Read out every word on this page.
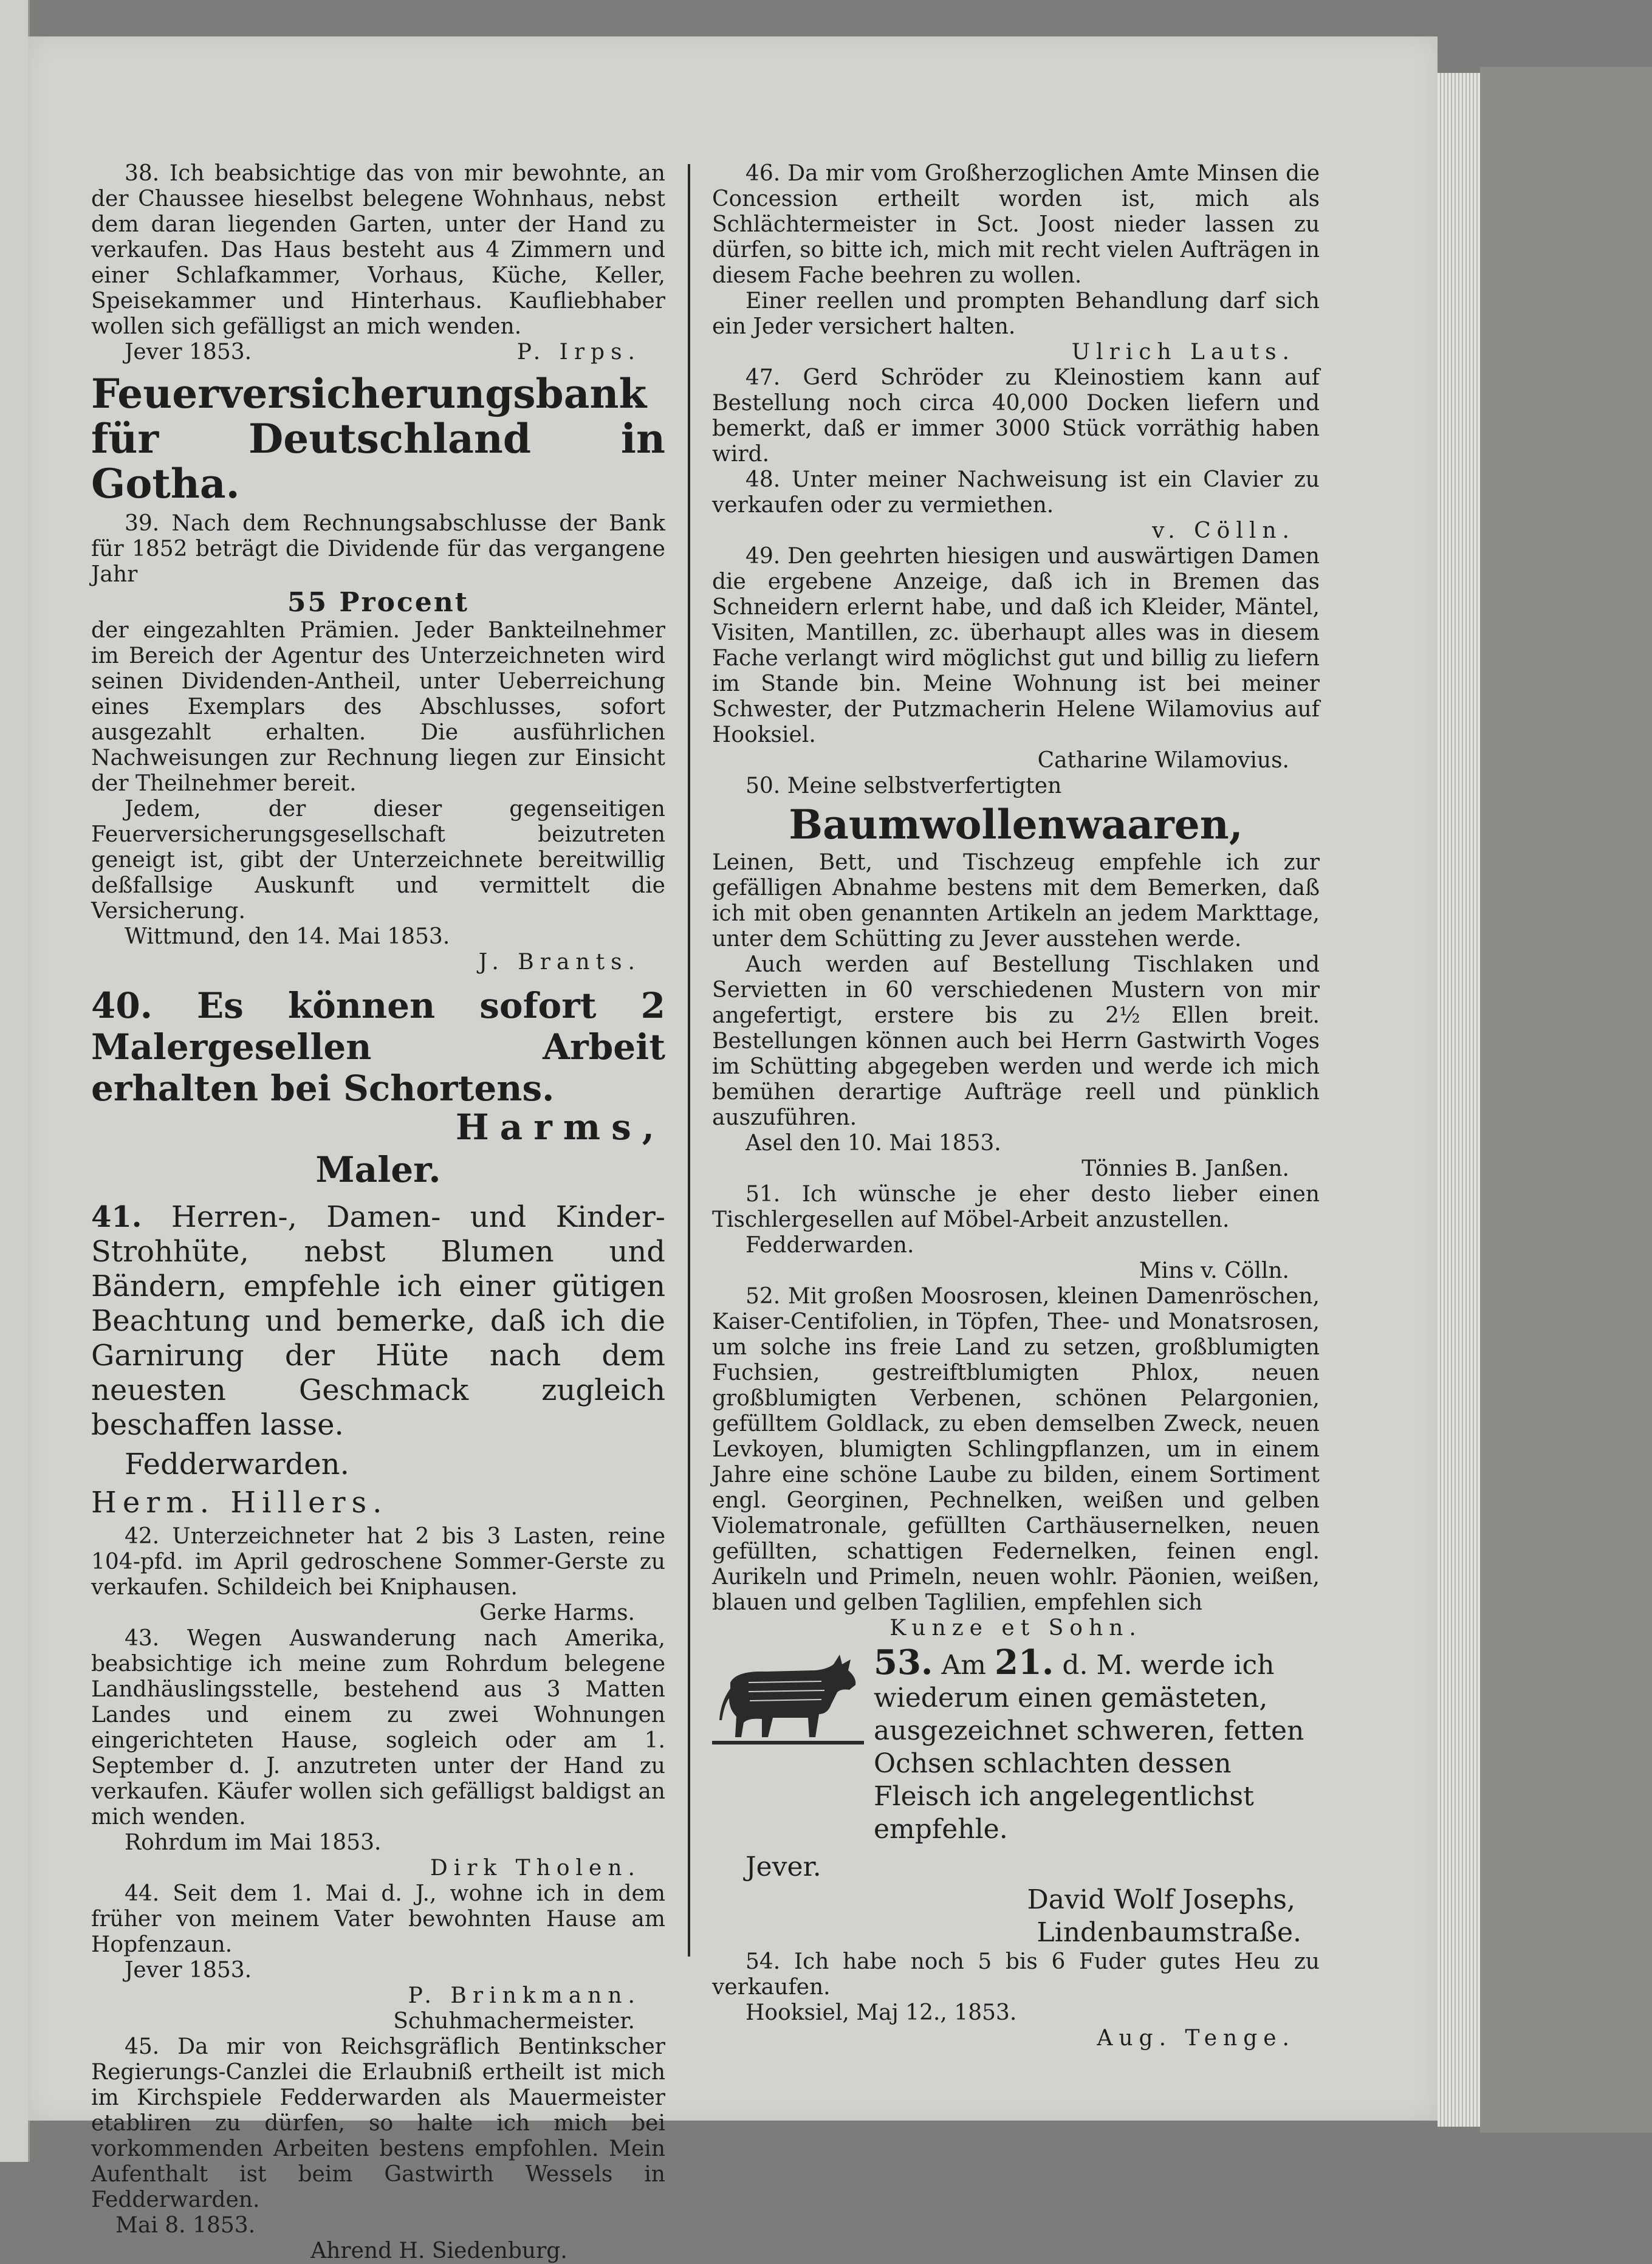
38. Ich beabsichtige das von mir bewohnte, an der Chaussee hieselbst belegene Wohnhaus, nebst dem daran liegenden Garten, unter der Hand zu verkaufen. Das Haus besteht aus 4 Zimmern und einer Schlafkammer, Vorhaus, Küche, Keller, Speisekammer und Hinterhaus. Kaufliebhaber wollen sich gefälligst an mich wenden.

Jever 1853.	P. Irps.
Feuerversicherungsbank für Deutschland in Gotha.

39. Nach dem Rechnungsabschlusse der Bank für 1852 beträgt die Dividende für das vergangene Jahr

55 Procent

der eingezahlten Prämien. Jeder Bankteilnehmer im Bereich der Agentur des Unterzeichneten wird seinen Dividenden-Antheil, unter Ueberreichung eines Exemplars des Abschlusses, sofort ausgezahlt erhalten. Die ausführlichen Nachweisungen zur Rechnung liegen zur Einsicht der Theilnehmer bereit.

Jedem, der dieser gegenseitigen Feuerversicherungsgesellschaft beizutreten geneigt ist, gibt der Unterzeichnete bereitwillig deßfallsige Auskunft und vermittelt die Versicherung.

Wittmund, den 14. Mai 1853.

J. Brants.

40. Es können sofort 2 Malergesellen Arbeit erhalten bei Schortens.
Harms,
Maler.

41. Herren-, Damen- und Kinder-Strohhüte, nebst Blumen und Bändern, empfehle ich einer gütigen Beachtung und bemerke, daß ich die Garnirung der Hüte nach dem neuesten Geschmack zugleich beschaffen lasse.

Fedderwarden.

Herm. Hillers.

42. Unterzeichneter hat 2 bis 3 Lasten, reine 104-pfd. im April gedroschene Sommer-Gerste zu verkaufen. Schildeich bei Kniphausen.

Gerke Harms.

43. Wegen Auswanderung nach Amerika, beabsichtige ich meine zum Rohrdum belegene Landhäuslingsstelle, bestehend aus 3 Matten Landes und einem zu zwei Wohnungen eingerichteten Hause, sogleich oder am 1. September d. J. anzutreten unter der Hand zu verkaufen. Käufer wollen sich gefälligst baldigst an mich wenden.

Rohrdum im Mai 1853.

Dirk Tholen.

44. Seit dem 1. Mai d. J., wohne ich in dem früher von meinem Vater bewohnten Hause am Hopfenzaun.

Jever 1853.

P. Brinkmann.

Schuhmachermeister.

45. Da mir von Reichsgräflich Bentinkscher Regierungs-Canzlei die Erlaubniß ertheilt ist mich im Kirchspiele Fedderwarden als Mauermeister etabliren zu dürfen, so halte ich mich bei vorkommenden Arbeiten bestens empfohlen. Mein Aufenthalt ist beim Gastwirth Wessels in Fedderwarden.

Mai 8. 1853.

Ahrend H. Siedenburg.

46. Da mir vom Großherzoglichen Amte Minsen die Concession ertheilt worden ist, mich als Schlächtermeister in Sct. Joost nieder lassen zu dürfen, so bitte ich, mich mit recht vielen Aufträgen in diesem Fache beehren zu wollen.

Einer reellen und prompten Behandlung darf sich ein Jeder versichert halten.

Ulrich Lauts.

47. Gerd Schröder zu Kleinostiem kann auf Bestellung noch circa 40,000 Docken liefern und bemerkt, daß er immer 3000 Stück vorräthig haben wird.

48. Unter meiner Nachweisung ist ein Clavier zu verkaufen oder zu vermiethen.

v. Cölln.

49. Den geehrten hiesigen und auswärtigen Damen die ergebene Anzeige, daß ich in Bremen das Schneidern erlernt habe, und daß ich Kleider, Mäntel, Visiten, Mantillen, zc. überhaupt alles was in diesem Fache verlangt wird möglichst gut und billig zu liefern im Stande bin. Meine Wohnung ist bei meiner Schwester, der Putzmacherin Helene Wilamovius auf Hooksiel.

Catharine Wilamovius.

50. Meine selbstverfertigten

Baumwollenwaaren,

Leinen, Bett, und Tischzeug empfehle ich zur gefälligen Abnahme bestens mit dem Bemerken, daß ich mit oben genannten Artikeln an jedem Markttage, unter dem Schütting zu Jever ausstehen werde.

Auch werden auf Bestellung Tischlaken und Servietten in 60 verschiedenen Mustern von mir angefertigt, erstere bis zu 2½ Ellen breit. Bestellungen können auch bei Herrn Gastwirth Voges im Schütting abgegeben werden und werde ich mich bemühen derartige Aufträge reell und pünklich auszuführen.

Asel den 10. Mai 1853.

Tönnies B. Janßen.

51. Ich wünsche je eher desto lieber einen Tischlergesellen auf Möbel-Arbeit anzustellen.

Fedderwarden.

Mins v. Cölln.

52. Mit großen Moosrosen, kleinen Damenröschen, Kaiser-Centifolien, in Töpfen, Thee- und Monatsrosen, um solche ins freie Land zu setzen, großblumigten Fuchsien, gestreiftblumigten Phlox, neuen großblumigten Verbenen, schönen Pelargonien, gefülltem Goldlack, zu eben demselben Zweck, neuen Levkoyen, blumigten Schlingpflanzen, um in einem Jahre eine schöne Laube zu bilden, einem Sortiment engl. Georginen, Pechnelken, weißen und gelben Violematronale, gefüllten Carthäusernelken, neuen gefüllten, schattigen Federnelken, feinen engl. Aurikeln und Primeln, neuen wohlr. Päonien, weißen, blauen und gelben Taglilien, empfehlen sich

Kunze et Sohn.

53. Am 21. d. M. werde ich wiederum einen gemästeten, ausgezeichnet schweren, fetten Ochsen schlachten dessen Fleisch ich angelegentlichst empfehle.

Jever.

David Wolf Josephs,

Lindenbaumstraße.

54. Ich habe noch 5 bis 6 Fuder gutes Heu zu verkaufen.

Hooksiel, Maj 12., 1853.

Aug. Tenge.
